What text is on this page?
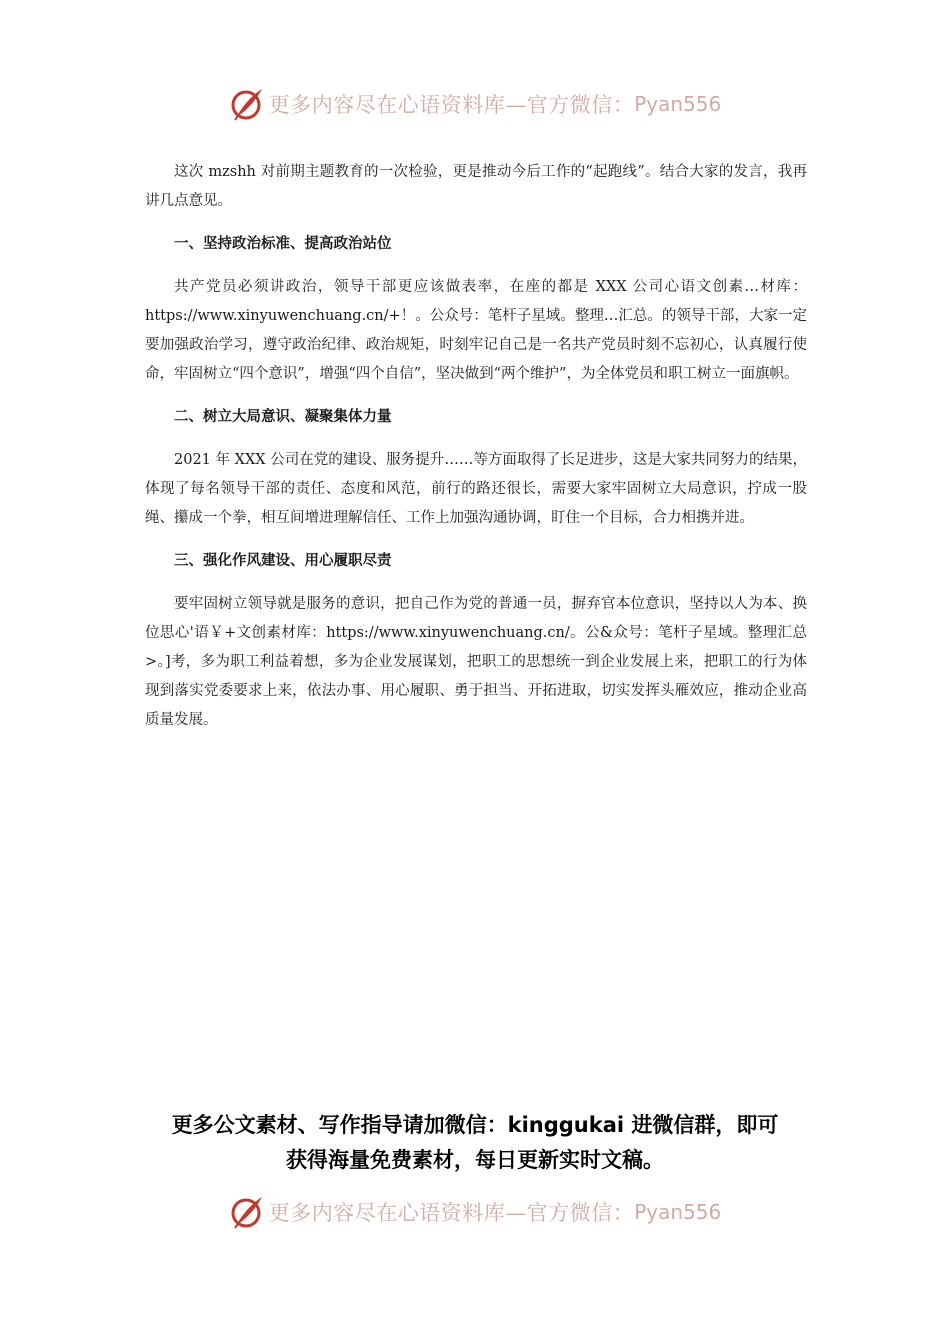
更多内容尽在心语资料库—官方微信： Pyan556

这次 mzshh 对前期主题教育的一次检验，更是推动今后工作的“起跑线”。结合大家的发言，我再讲几点意见。

一、坚持政治标准、提高政治站位

共产党员必须讲政治，领导干部更应该做表率，在座的都是 XXX 公司心语文创素…材库：https://www.xinyuwenchuang.cn/+！。公众号：笔杆子星域。整理…汇总。的领导干部，大家一定要加强政治学习，遵守政治纪律、政治规矩，时刻牢记自己是一名共产党员时刻不忘初心，认真履行使命，牢固树立“四个意识”，增强“四个自信”，坚决做到“两个维护”，为全体党员和职工树立一面旗帜。

二、树立大局意识、凝聚集体力量

2021 年 XXX 公司在党的建设、服务提升……等方面取得了长足进步，这是大家共同努力的结果，体现了每名领导干部的责任、态度和风范，前行的路还很长，需要大家牢固树立大局意识，拧成一股绳、攥成一个拳，相互间增进理解信任、工作上加强沟通协调，盯住一个目标，合力相携并进。

三、强化作风建设、用心履职尽责

要牢固树立领导就是服务的意识，把自己作为党的普通一员，摒弃官本位意识，坚持以人为本、换位思心'语￥+文创素材库：https://www.xinyuwenchuang.cn/。公&众号：笔杆子星域。整理汇总>。]考，多为职工利益着想，多为企业发展谋划，把职工的思想统一到企业发展上来，把职工的行为体现到落实党委要求上来，依法办事、用心履职、勇于担当、开拓进取，切实发挥头雁效应，推动企业高质量发展。

更多公文素材、写作指导请加微信：kinggukai 进微信群，即可
获得海量免费素材，每日更新实时文稿。
更多内容尽在心语资料库—官方微信： Pyan556
